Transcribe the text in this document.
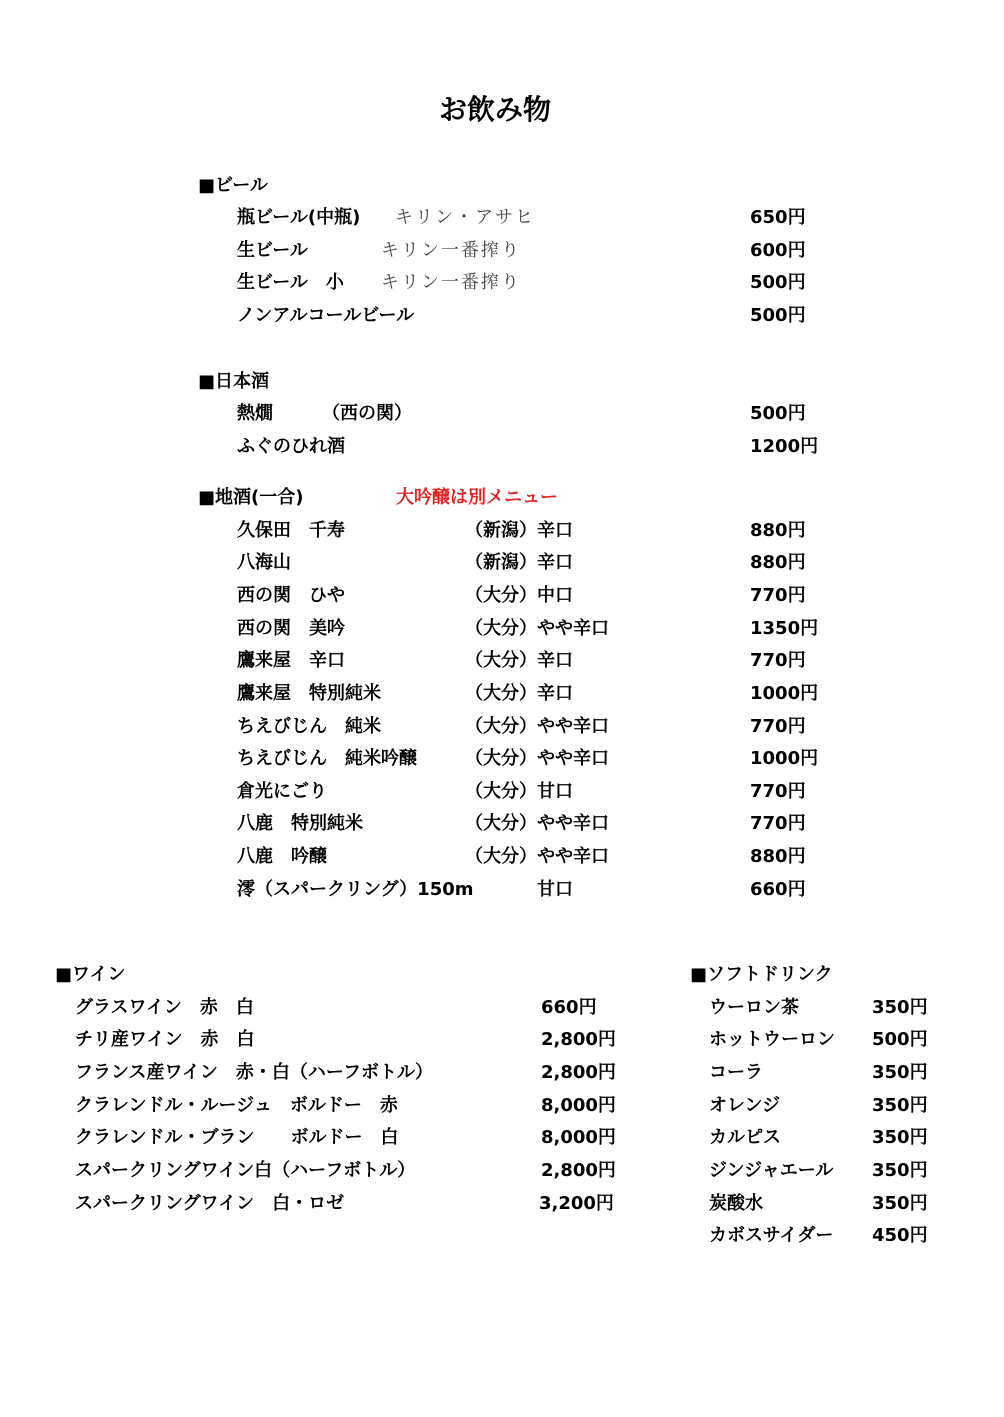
お飲み物
■ビール
瓶ビール(中瓶) キリン・アサヒ	650円
生ビール	キリン一番搾り	600円
生ビール　小 キリン一番搾り	500円
ノンアルコールビール	500円
■日本酒
熱燗	（西の関）	500円
ふぐのひれ酒	1200円
■地酒(一合)	大吟醸は別メニュー
久保田　千寿	（新潟）辛口	880円
八海山	（新潟）辛口	880円
西の関　ひや	（大分）中口	770円
西の関　美吟	（大分）やや辛口	1350円
鷹来屋　辛口	（大分）辛口	770円
鷹来屋　特別純米	（大分）辛口	1000円
ちえびじん　純米	（大分）やや辛口	770円
ちえびじん　純米吟醸	（大分）やや辛口	1000円
倉光にごり	（大分）甘口	770円
八鹿　特別純米	（大分）やや辛口	770円
八鹿　吟醸	（大分）やや辛口	880円
澪（スパークリング）150m	甘口	660円
■ワイン
グラスワイン　赤　白	660円
チリ産ワイン　赤　白	2,800円
フランス産ワイン　赤・白（ハーフボトル）	2,800円
クラレンドル・ルージュ　ボルドー　赤	8,000円
クラレンドル・ブラン　　ボルドー　白	8,000円
スパークリングワイン白（ハーフボトル）	2,800円
スパークリングワイン　白・ロゼ	3,200円
■ソフトドリンク
ウーロン茶	350円
ホットウーロン 500円
コーラ	350円
オレンジ	350円
カルピス	350円
ジンジャエール 350円
炭酸水	350円
カボスサイダー 450円
